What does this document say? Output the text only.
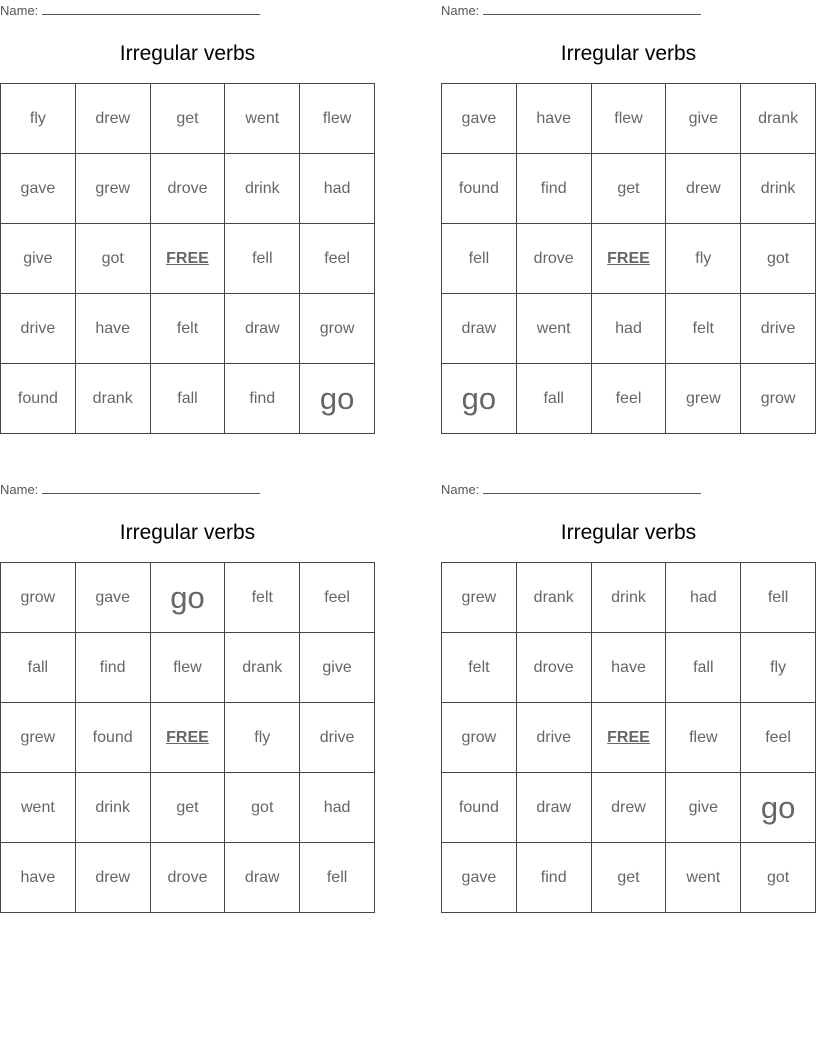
Name:
Irregular verbs
fly	drew	get	went	flew
gave	grew	drove	drink	had
give	got	FREE	fell	feel
drive	have	felt	draw	grow
found	drank	fall	find	go
Name:
Irregular verbs
gave	have	flew	give	drank
found	find	get	drew	drink
fell	drove	FREE	fly	got
draw	went	had	felt	drive
go	fall	feel	grew	grow
Name:
Irregular verbs
grow	gave	go	felt	feel
fall	find	flew	drank	give
grew	found	FREE	fly	drive
went	drink	get	got	had
have	drew	drove	draw	fell
Name:
Irregular verbs
grew	drank	drink	had	fell
felt	drove	have	fall	fly
grow	drive	FREE	flew	feel
found	draw	drew	give	go
gave	find	get	went	got
